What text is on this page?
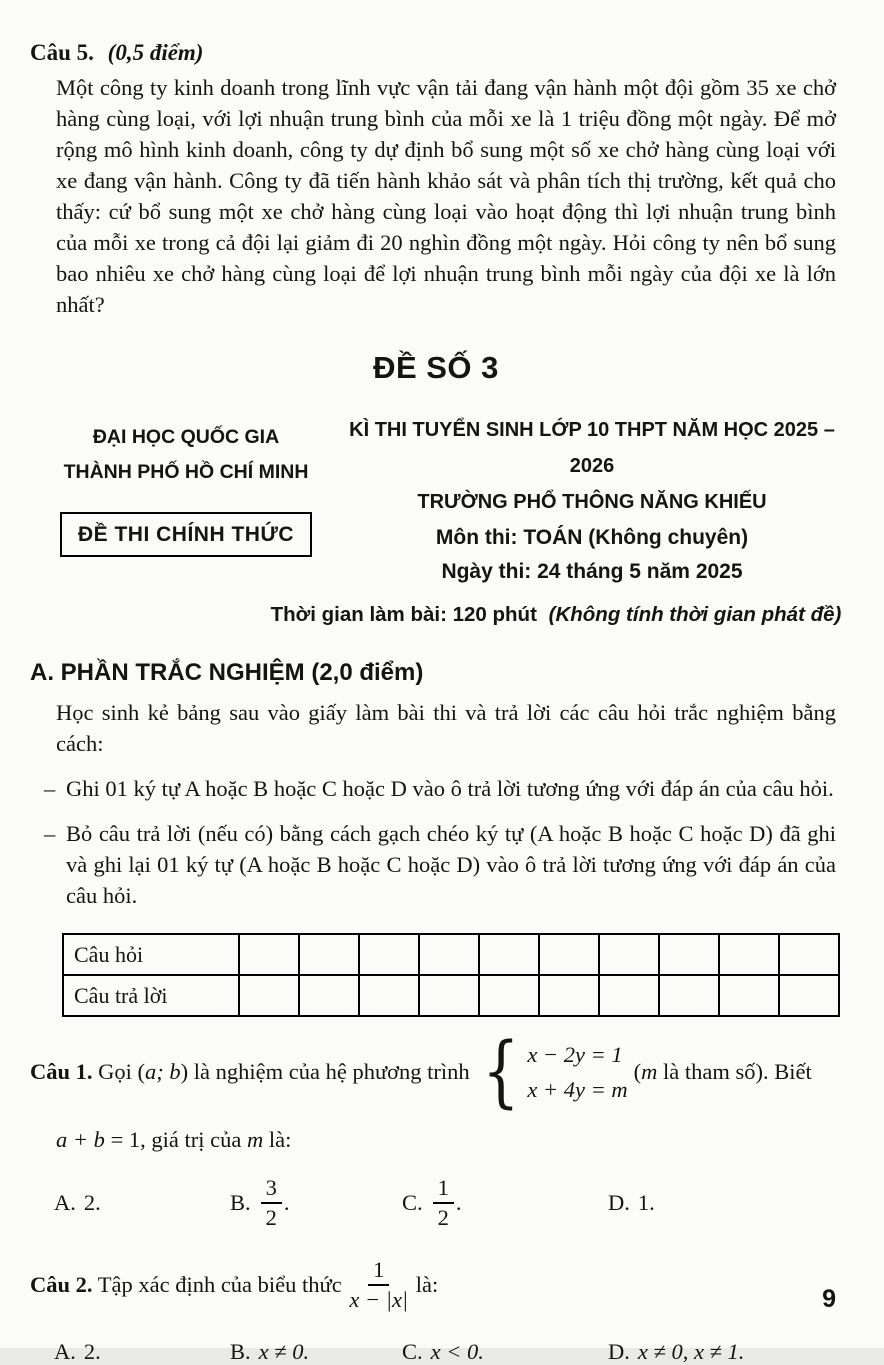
Câu 5. (0,5 điểm)

Một công ty kinh doanh trong lĩnh vực vận tải đang vận hành một đội gồm 35 xe chở hàng cùng loại, với lợi nhuận trung bình của mỗi xe là 1 triệu đồng một ngày. Để mở rộng mô hình kinh doanh, công ty dự định bổ sung một số xe chở hàng cùng loại với xe đang vận hành. Công ty đã tiến hành khảo sát và phân tích thị trường, kết quả cho thấy: cứ bổ sung một xe chở hàng cùng loại vào hoạt động thì lợi nhuận trung bình của mỗi xe trong cả đội lại giảm đi 20 nghìn đồng một ngày. Hỏi công ty nên bổ sung bao nhiêu xe chở hàng cùng loại để lợi nhuận trung bình mỗi ngày của đội xe là lớn nhất?

ĐỀ SỐ 3
ĐẠI HỌC QUỐC GIA
THÀNH PHỐ HỒ CHÍ MINH
ĐỀ THI CHÍNH THỨC
KÌ THI TUYỂN SINH LỚP 10 THPT NĂM HỌC 2025 – 2026
TRƯỜNG PHỔ THÔNG NĂNG KHIẾU
Môn thi: TOÁN (Không chuyên)
Ngày thi: 24 tháng 5 năm 2025
Thời gian làm bài: 120 phút (Không tính thời gian phát đề)
A. PHẦN TRẮC NGHIỆM (2,0 điểm)

Học sinh kẻ bảng sau vào giấy làm bài thi và trả lời các câu hỏi trắc nghiệm bằng cách:

– Ghi 01 ký tự A hoặc B hoặc C hoặc D vào ô trả lời tương ứng với đáp án của câu hỏi.
– Bỏ câu trả lời (nếu có) bằng cách gạch chéo ký tự (A hoặc B hoặc C hoặc D) đã ghi và ghi lại 01 ký tự (A hoặc B hoặc C hoặc D) vào ô trả lời tương ứng với đáp án của câu hỏi.
Câu hỏi										
Câu trả lời										
Câu 1. Gọi (a; b) là nghiệm của hệ phương trình { x − 2y = 1
x + 4y = m
(m là tham số). Biết
a + b = 1, giá trị của m là:
A. 2.	B. $\frac{3}{2}$ .	C. $\frac{1}{2}$ .	D. 1.
Câu 2. Tập xác định của biểu thức $\frac{1}{x - |x|}$ là:
A. 2.	B. x ≠ 0.	C. x < 0.	D. x ≠ 0, x ≠ 1.
9
